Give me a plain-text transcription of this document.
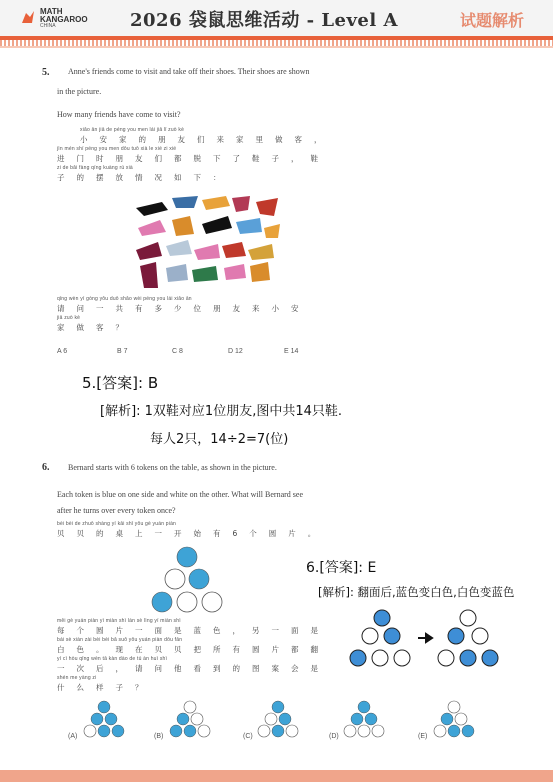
MATH
KANGAROO
CHINA	2026 袋鼠思维活动 - Level A	试题解析
5. Anne's friends come to visit and take off their shoes. Their shoes are shown
in the picture.
How many friends have come to visit?
xiǎo ān jiā de péng you men lái jiā lǐ zuò kè
小安家的朋友们来家里做客，
jìn mén shí péng you men dōu tuō xià le xié zi xié
进门时朋友们都脱下了鞋子，鞋
zi de bǎi fàng qíng kuàng rú xià
子的摆放情况如下：
qǐng wèn yí gòng yǒu duō shǎo wèi péng you lái xiǎo ān
请问一共有多少位朋友来小安
jiā zuò kè
家做客？
A 6	B 7	C 8	D 12	E 14
5.[答案]: B
[解析]: 1双鞋对应1位朋友,图中共14只鞋.
每人2只，14÷2=7(位)
6. Bernard starts with 6 tokens on the table, as shown in the picture.
Each token is blue on one side and white on the other. What will Bernard see
after he turns over every token once?
bèi bèi de zhuō shàng yí kāi shǐ yǒu gè yuán piàn
贝贝的桌上一开始有6个圆片。
6.[答案]: E
[解析]: 翻面后,蓝色变白色,白色变蓝色
měi gè yuán piàn yì miàn shì lán sè lìng yí miàn shì
每个圆片一面是蓝色，另一面是
bái sè xiàn zài bèi bèi bǎ suǒ yǒu yuán piàn dōu fān
白色。现在贝贝把所有圆片都翻
yí cì hòu qǐng wèn tā kàn dào de tú àn huì shì
一次后，请问他看到的图案会是
shén me yàng zi
什么样子？
(A)	(B)	(C)	(D)	(E)
